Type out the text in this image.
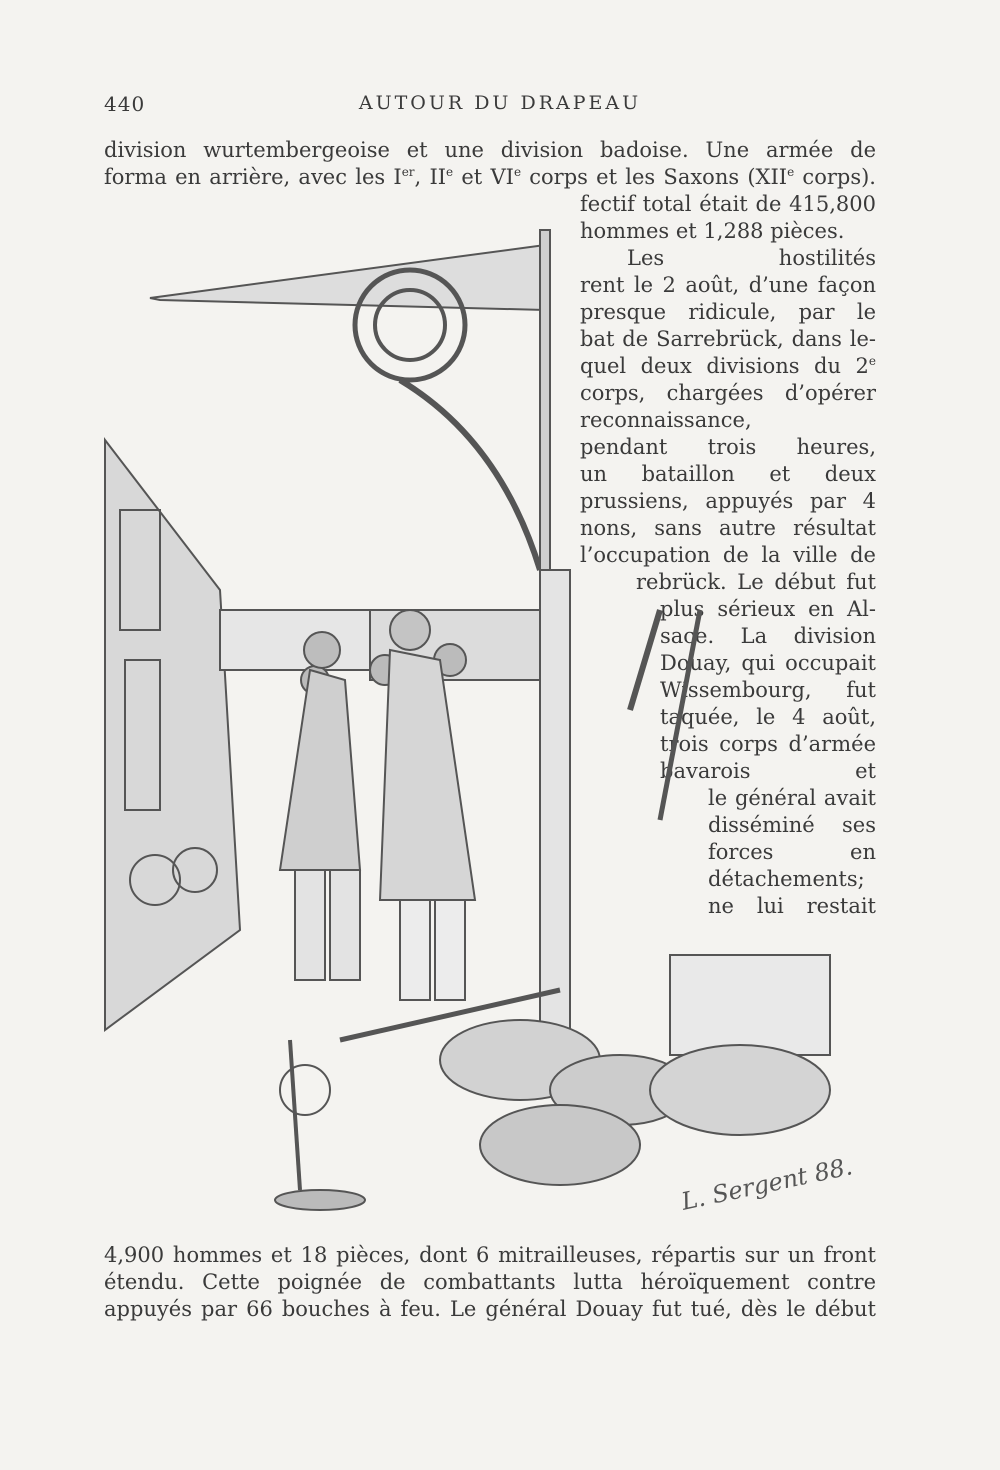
440	AUTOUR DU DRAPEAU
division wurtembergeoise et une division badoise. Une armée de
forma en arrière, avec les Ier, IIe et VIe corps et les Saxons (XIIe corps).
fectif total était de 415,800
hommes et 1,288 pièces.
Les hostilités
rent le 2 août, d’une façon
presque ridicule, par le
bat de Sarrebrück, dans le-
quel deux divisions du 2e
corps, chargées d’opérer
reconnaissance,
pendant trois heures,
un bataillon et deux
prussiens, appuyés par 4
nons, sans autre résultat
l’occupation de la ville de
rebrück. Le début fut
plus sérieux en Al-
sace. La division
Douay, qui occupait
Wissembourg, fut
taquée, le 4 août,
trois corps d’armée
bavarois et
le général avait
disséminé ses
forces en
détachements;
ne lui restait
L. Sergent 88.
4,900 hommes et 18 pièces, dont 6 mitrailleuses, répartis sur un front
étendu. Cette poignée de combattants lutta héroïquement contre
appuyés par 66 bouches à feu. Le général Douay fut tué, dès le début
